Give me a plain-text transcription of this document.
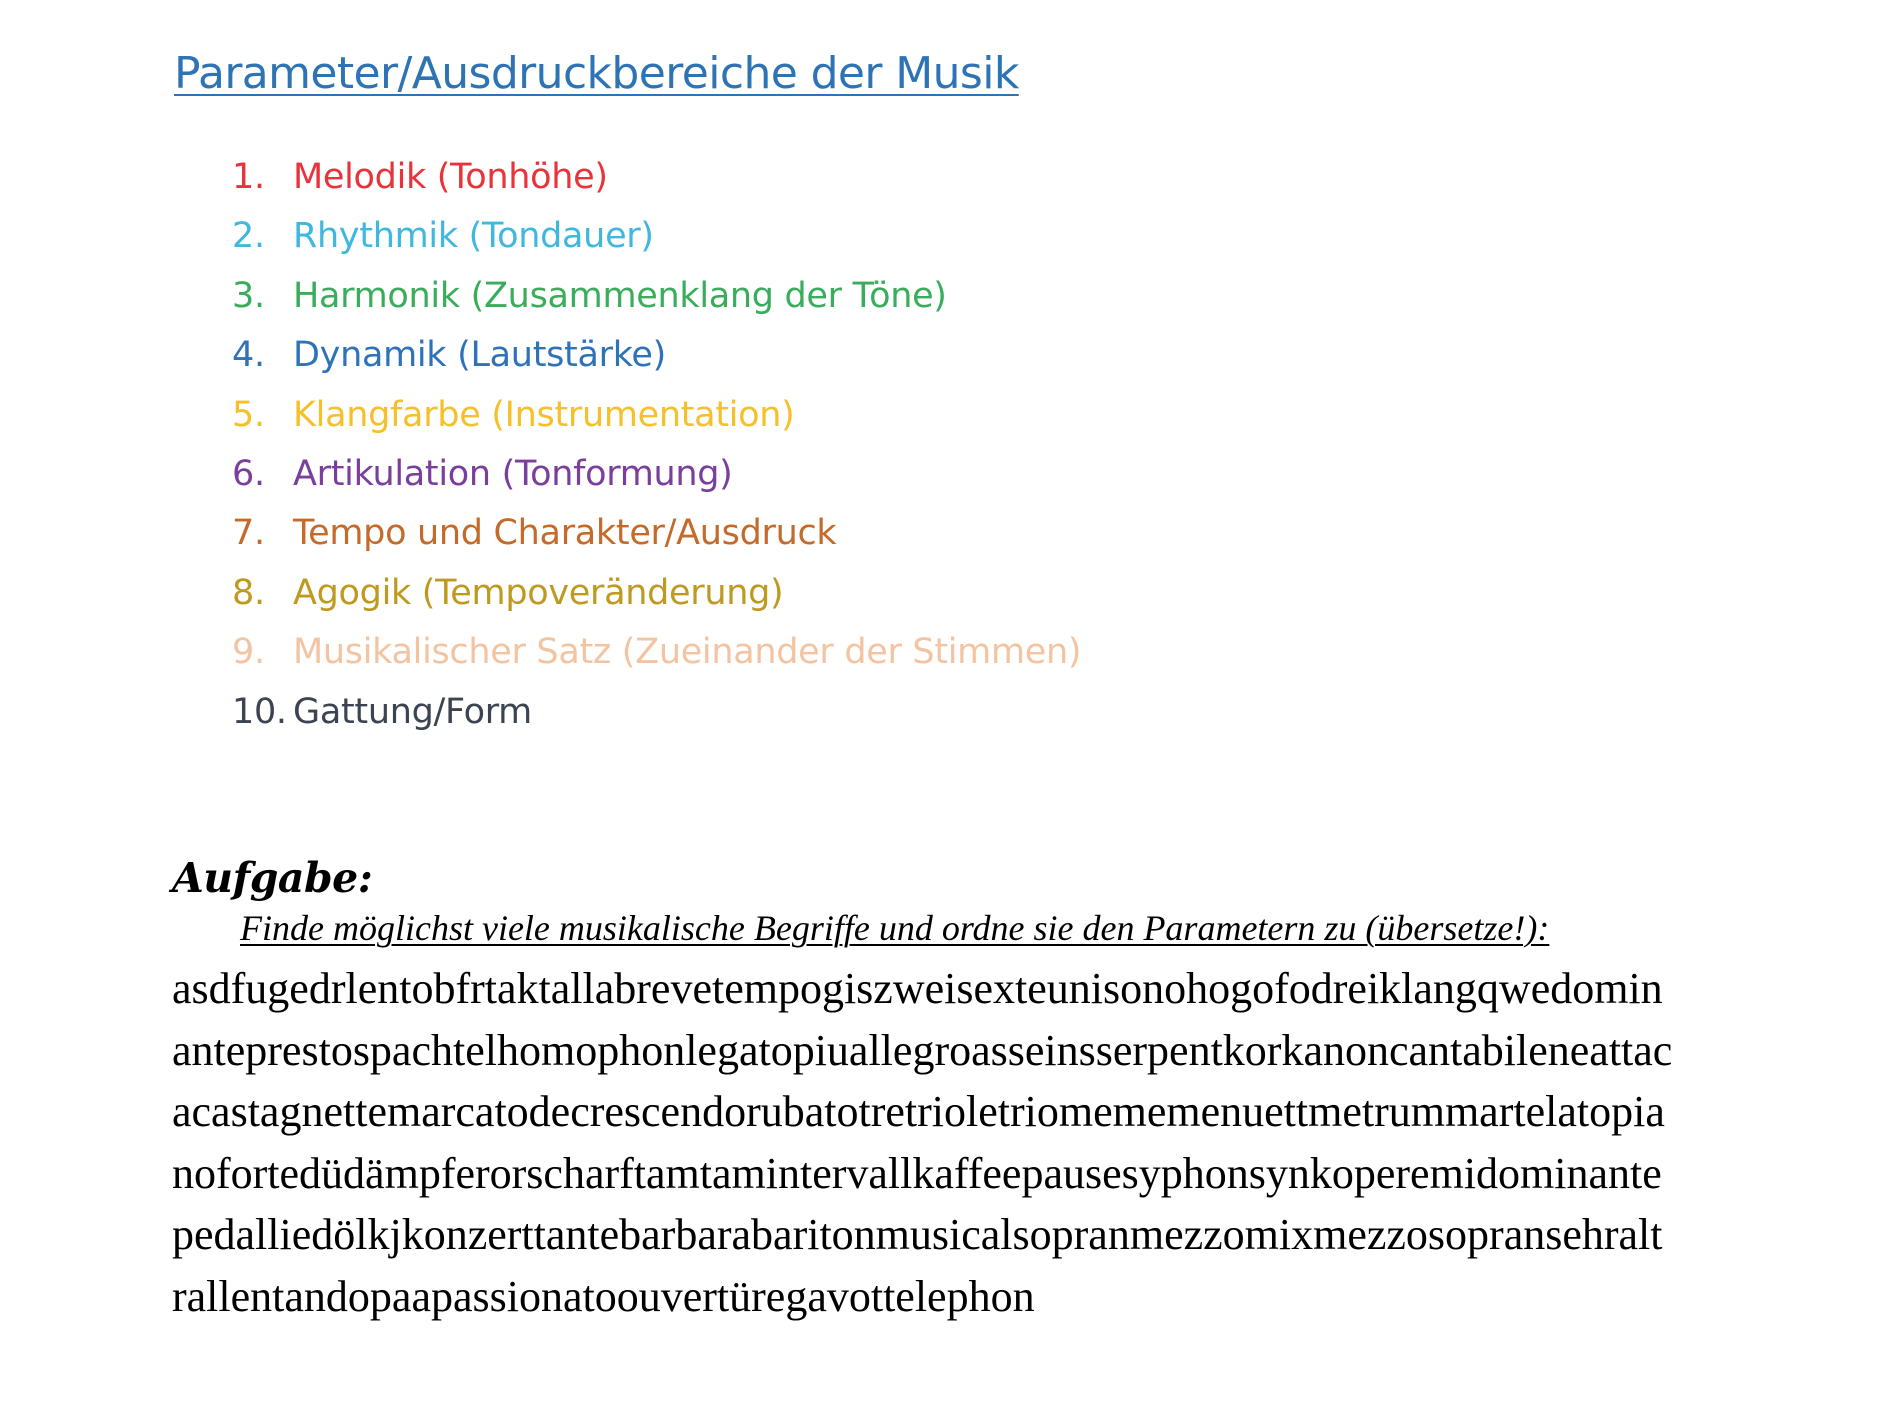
Parameter/Ausdruckbereiche der Musik
1. Melodik (Tonhöhe)
2. Rhythmik (Tondauer)
3. Harmonik (Zusammenklang der Töne)
4. Dynamik (Lautstärke)
5. Klangfarbe (Instrumentation)
6. Artikulation (Tonformung)
7. Tempo und Charakter/Ausdruck
8. Agogik (Tempoveränderung)
9. Musikalischer Satz (Zueinander der Stimmen)
10. Gattung/Form
Aufgabe:

Finde möglichst viele musikalische Begriffe und ordne sie den Parametern zu (übersetze!):

asdfugedrlentobfrtaktallabrevetempogiszweisexteunisonohogofodreiklangqwedomin
anteprestospachtelhomophonlegatopiuallegroasseinsserpentkorkanoncantabileneattac
acastagnettemarcatodecrescendorubatotretrioletriomememenuettmetrummartelatopia
nofortedüdämpferorscharftamtamintervallkaffeepausesyphonsynkoperemidominante
pedalliedölkjkonzerttantebarbarabaritonmusicalsopranmezzomixmezzosopransehralt
rallentandopaapassionatoouvertüregavottelephon
